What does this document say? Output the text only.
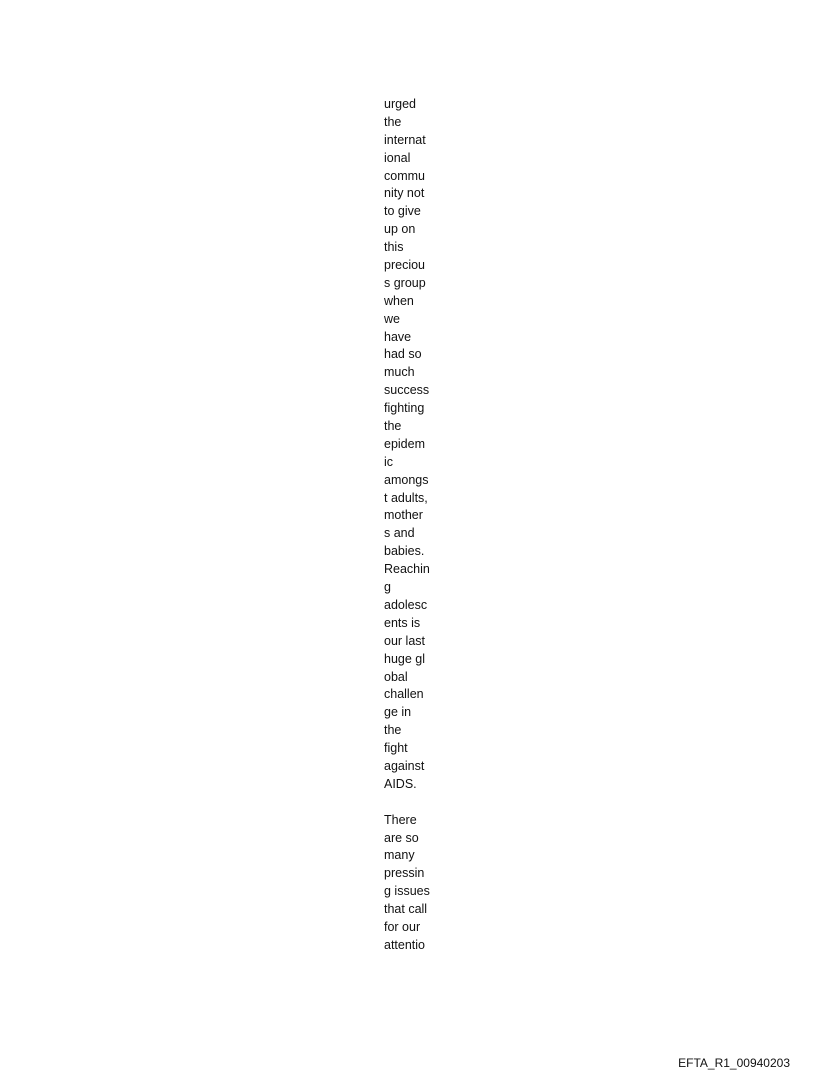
urged
the
internat
ional
commu
nity not
to give
up on
this
preciou
s group
when
we
have
had so
much
success
fighting
the
epidem
ic
amongs
t adults,
mother
s and
babies.
Reachin
g
adolesc
ents is
our last
huge gl
obal
challen
ge in
the
fight
against
AIDS.

There
are so
many
pressin
g issues
that call
for our
attentio

EFTA_R1_00940203
